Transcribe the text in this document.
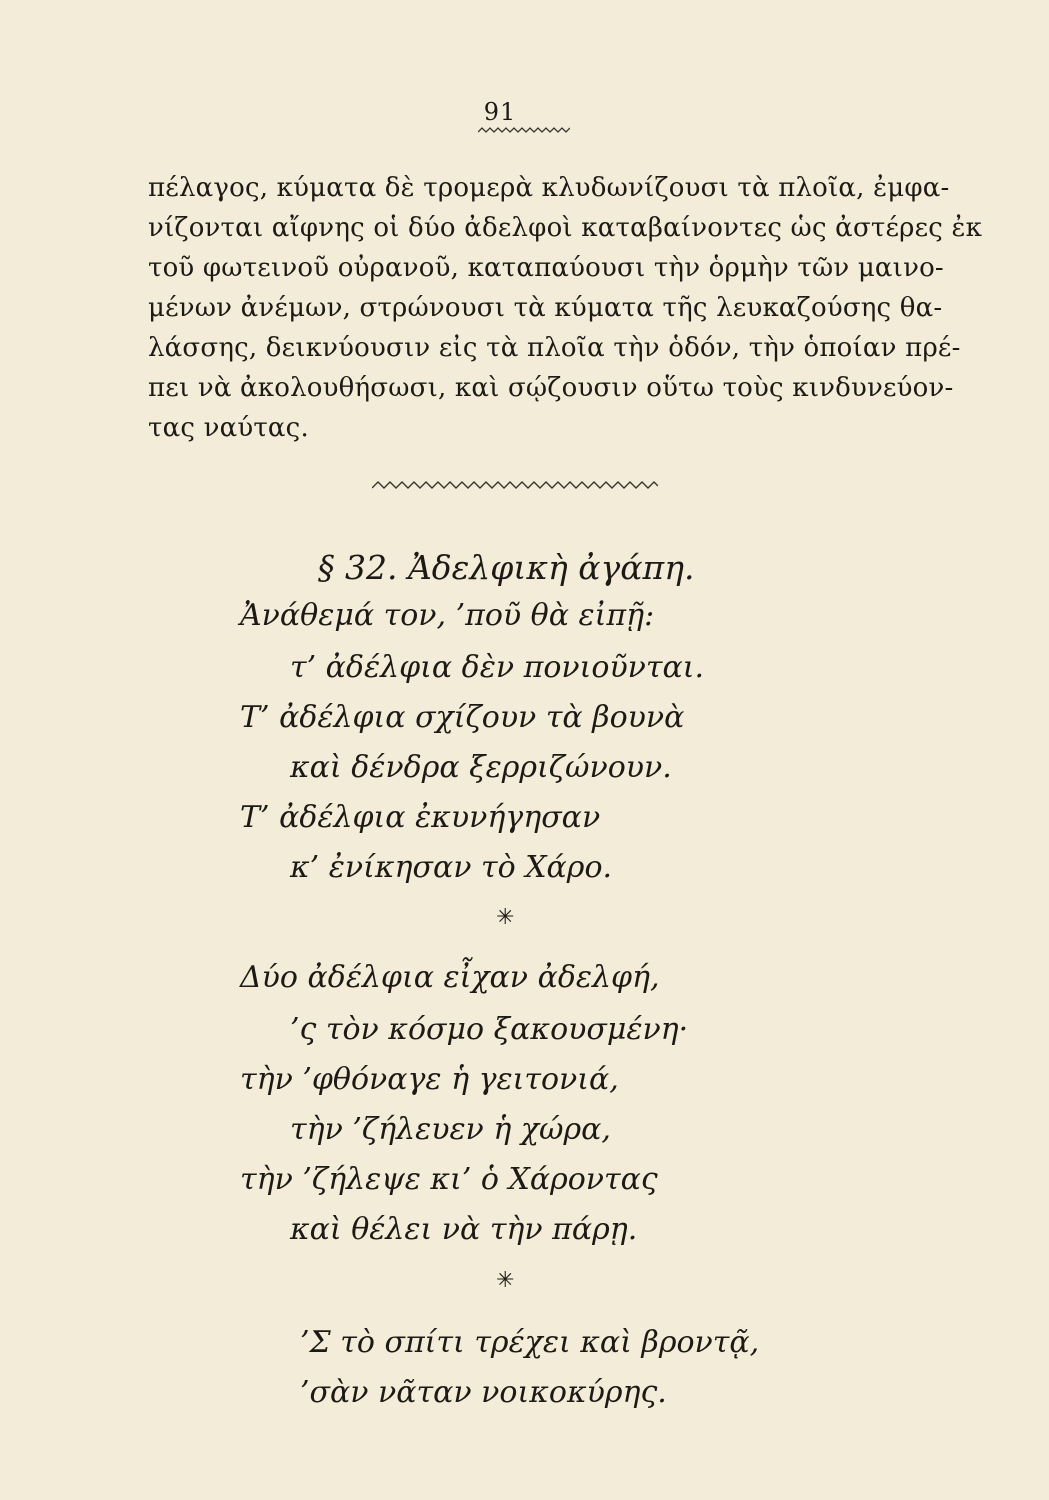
91
πέλαγος, κύματα δὲ τρομερὰ κλυδωνίζουσι τὰ πλοῖα, ἐμφα-
νίζονται αἴφνης οἱ δύο ἀδελφοὶ καταβαίνοντες ὡς ἀστέρες ἐκ
τοῦ φωτεινοῦ οὐρανοῦ, καταπαύουσι τὴν ὁρμὴν τῶν μαινο-
μένων ἀνέμων, στρώνουσι τὰ κύματα τῆς λευκαζούσης θα-
λάσσης, δεικνύουσιν εἰς τὰ πλοῖα τὴν ὁδόν, τὴν ὁποίαν πρέ-
πει νὰ ἀκολουθήσωσι, καὶ σῴζουσιν οὕτω τοὺς κινδυνεύον-
τας ναύτας.
§ 32. Ἀδελφικὴ ἀγάπη.
Ἀνάθεμά τον, ’ποῦ θὰ εἰπῇ:
τ’ ἀδέλφια δὲν πονιοῦνται.
Τ’ ἀδέλφια σχίζουν τὰ βουνὰ
καὶ δένδρα ξερριζώνουν.
Τ’ ἀδέλφια ἐκυνήγησαν
κ’ ἐνίκησαν τὸ Χάρο.
✳
Δύο ἀδέλφια εἶχαν ἀδελφή,
’ς τὸν κόσμο ξακουσμένη·
τὴν ’φθόναγε ἡ γειτονιά,
τὴν ’ζήλευεν ἡ χώρα,
τὴν ’ζήλεψε κι’ ὁ Χάροντας
καὶ θέλει νὰ τὴν πάρῃ.
✳
’Σ τὸ σπίτι τρέχει καὶ βροντᾷ,
’σὰν νᾶταν νοικοκύρης.
